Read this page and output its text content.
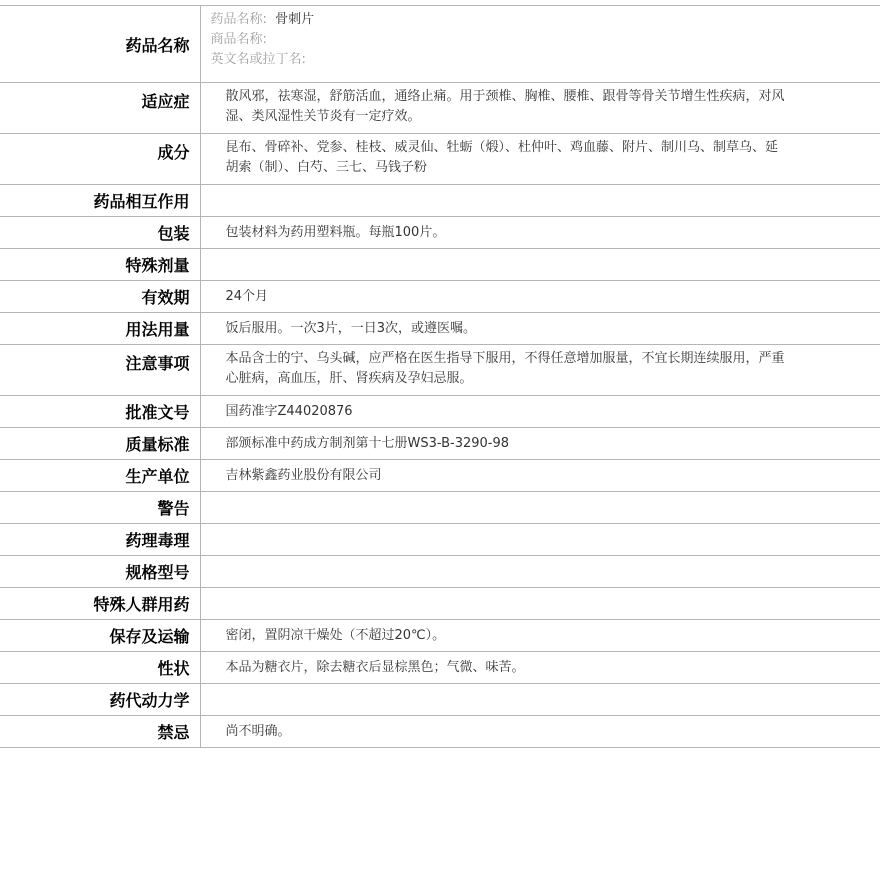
药品名称	药品名称: 骨刺片
商品名称:
英文名或拉丁名:

适应症	散风邪，祛寒湿，舒筋活血，通络止痛。用于颈椎、胸椎、腰椎、跟骨等骨关节增生性疾病，对风湿、类风湿性关节炎有一定疗效。
成分	昆布、骨碎补、党参、桂枝、威灵仙、牡蛎（煅）、杜仲叶、鸡血藤、附片、制川乌、制草乌、延胡索（制）、白芍、三七、马钱子粉
药品相互作用	
包装	包装材料为药用塑料瓶。每瓶100片。
特殊剂量	
有效期	24个月
用法用量	饭后服用。一次3片，一日3次，或遵医嘱。
注意事项	本品含士的宁、乌头碱，应严格在医生指导下服用，不得任意增加服量，不宜长期连续服用，严重心脏病，高血压，肝、肾疾病及孕妇忌服。
批准文号	国药准字Z44020876
质量标准	部颁标准中药成方制剂第十七册WS3-B-3290-98
生产单位	吉林紫鑫药业股份有限公司
警告	
药理毒理	
规格型号	
特殊人群用药	
保存及运输	密闭，置阴凉干燥处（不超过20℃）。
性状	本品为糖衣片，除去糖衣后显棕黑色；气微、味苦。
药代动力学	
禁忌	尚不明确。
